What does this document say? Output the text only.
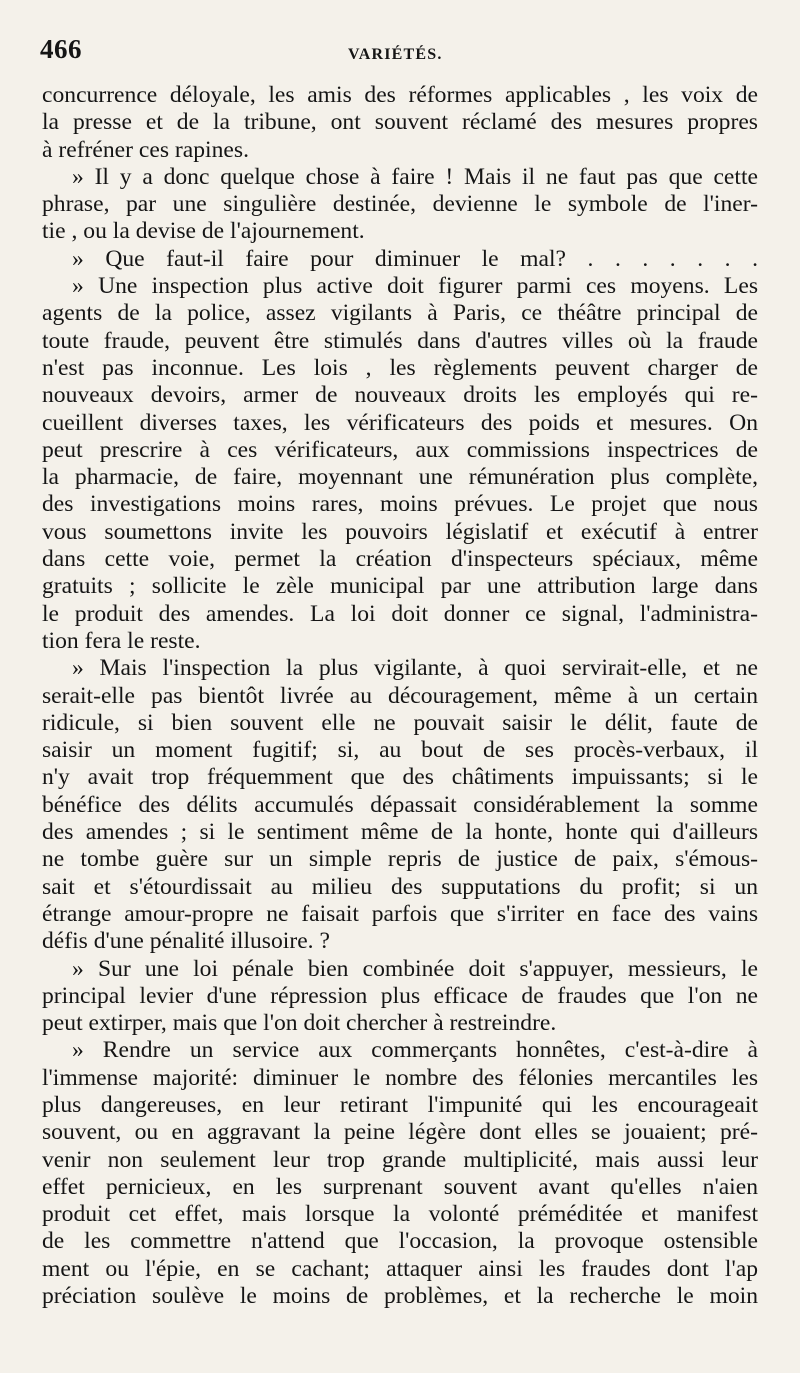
466	VARIÉTÉS.
concurrence déloyale, les amis des réformes applicables , les voix de
la presse et de la tribune, ont souvent réclamé des mesures propres
à refréner ces rapines.
» Il y a donc quelque chose à faire ! Mais il ne faut pas que cette
phrase, par une singulière destinée, devienne le symbole de l'iner-
tie , ou la devise de l'ajournement.
» Que faut-il faire pour diminuer le mal? . . . . . . .
» Une inspection plus active doit figurer parmi ces moyens. Les
agents de la police, assez vigilants à Paris, ce théâtre principal de
toute fraude, peuvent être stimulés dans d'autres villes où la fraude
n'est pas inconnue. Les lois , les règlements peuvent charger de
nouveaux devoirs, armer de nouveaux droits les employés qui re-
cueillent diverses taxes, les vérificateurs des poids et mesures. On
peut prescrire à ces vérificateurs, aux commissions inspectrices de
la pharmacie, de faire, moyennant une rémunération plus complète,
des investigations moins rares, moins prévues. Le projet que nous
vous soumettons invite les pouvoirs législatif et exécutif à entrer
dans cette voie, permet la création d'inspecteurs spéciaux, même
gratuits ; sollicite le zèle municipal par une attribution large dans
le produit des amendes. La loi doit donner ce signal, l'administra-
tion fera le reste.
» Mais l'inspection la plus vigilante, à quoi servirait-elle, et ne
serait-elle pas bientôt livrée au découragement, même à un certain
ridicule, si bien souvent elle ne pouvait saisir le délit, faute de
saisir un moment fugitif; si, au bout de ses procès-verbaux, il
n'y avait trop fréquemment que des châtiments impuissants; si le
bénéfice des délits accumulés dépassait considérablement la somme
des amendes ; si le sentiment même de la honte, honte qui d'ailleurs
ne tombe guère sur un simple repris de justice de paix, s'émous-
sait et s'étourdissait au milieu des supputations du profit; si un
étrange amour-propre ne faisait parfois que s'irriter en face des vains
défis d'une pénalité illusoire. ?
» Sur une loi pénale bien combinée doit s'appuyer, messieurs, le
principal levier d'une répression plus efficace de fraudes que l'on ne
peut extirper, mais que l'on doit chercher à restreindre.
» Rendre un service aux commerçants honnêtes, c'est-à-dire à
l'immense majorité: diminuer le nombre des félonies mercantiles les
plus dangereuses, en leur retirant l'impunité qui les encourageait
souvent, ou en aggravant la peine légère dont elles se jouaient; pré-
venir non seulement leur trop grande multiplicité, mais aussi leur
effet pernicieux, en les surprenant souvent avant qu'elles n'aien
produit cet effet, mais lorsque la volonté préméditée et manifest
de les commettre n'attend que l'occasion, la provoque ostensible
ment ou l'épie, en se cachant; attaquer ainsi les fraudes dont l'ap
préciation soulève le moins de problèmes, et la recherche le moin
